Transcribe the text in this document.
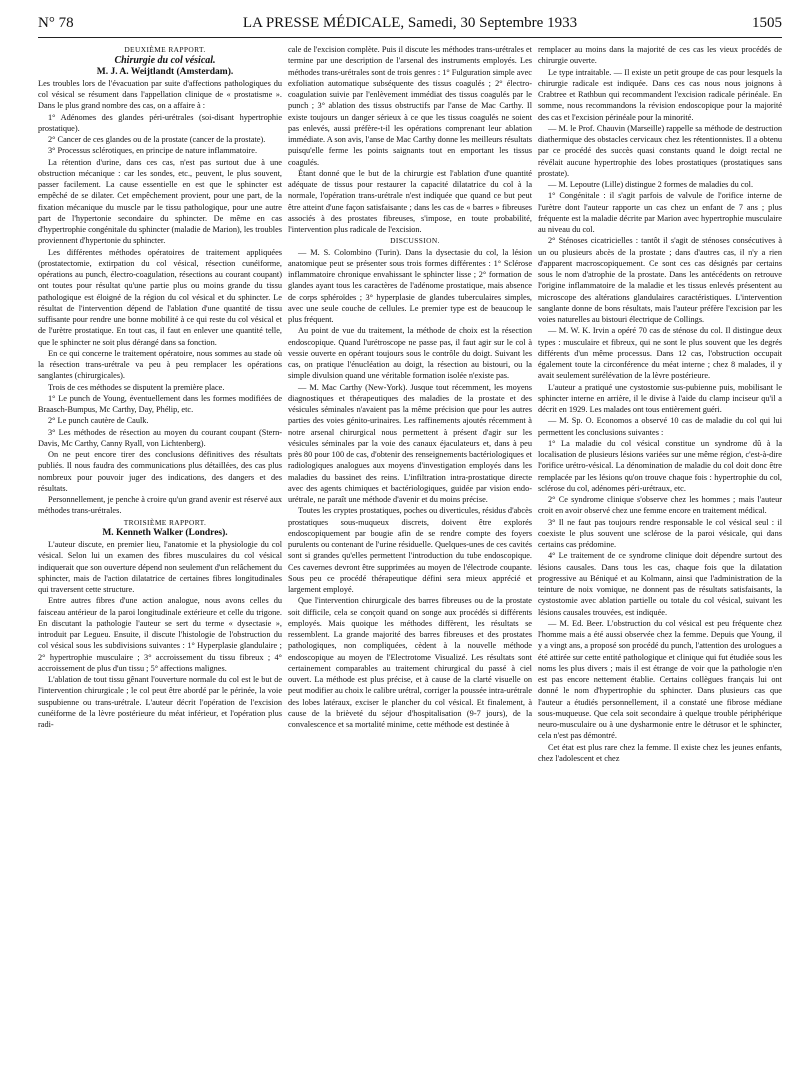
N° 78	LA PRESSE MÉDICALE, Samedi, 30 Septembre 1933	1505

DEUXIÈME RAPPORT.

Chirurgie du col vésical.

M. J. A. Weijtlandt (Amsterdam).

Les troubles lors de l'évacuation par suite d'affections pathologiques du col vésical se résument dans l'appellation clinique de « prostatisme ». Dans le plus grand nombre des cas, on a affaire à :

1° Adénomes des glandes péri-urétrales (soi-disant hypertrophie prostatique).

2° Cancer de ces glandes ou de la prostate (cancer de la prostate).

3° Processus sclérotiques, en principe de nature inflammatoire.

La rétention d'urine, dans ces cas, n'est pas surtout due à une obstruction mécanique : car les sondes, etc., peuvent, le plus souvent, passer facilement. La cause essentielle en est que le sphincter est empêché de se dilater. Cet empêchement provient, pour une part, de la fixation mécanique du muscle par le tissu pathologique, pour une autre part de l'hypertonie secondaire du sphincter. De même en cas d'hypertrophie congénitale du sphincter (maladie de Marion), les troubles proviennent d'hypertonie du sphincter.

Les différentes méthodes opératoires de traitement appliquées (prostatectomie, extirpation du col vésical, résection cunéiforme, opérations au punch, électro-coagulation, résections au courant coupant) ont toutes pour résultat qu'une partie plus ou moins grande du tissu pathologique est éloigné de la région du col vésical et du sphincter. Le résultat de l'intervention dépend de l'ablation d'une quantité de tissu suffisante pour rendre une bonne mobilité à ce qui reste du col vésical et de l'urètre prostatique. En tout cas, il faut en enlever une quantité telle, que le sphincter ne soit plus dérangé dans sa fonction.

En ce qui concerne le traitement opératoire, nous sommes au stade où la résection trans-urétrale va peu à peu remplacer les opérations sanglantes (chirurgicales).

Trois de ces méthodes se disputent la première place.

1° Le punch de Young, éventuellement dans les formes modifiées de Braasch-Bumpus, Mc Carthy, Day, Phélip, etc.

2° Le punch cautère de Caulk.

3° Les méthodes de résection au moyen du courant coupant (Stern-Davis, Mc Carthy, Canny Ryall, von Lichtenberg).

On ne peut encore tirer des conclusions définitives des résultats publiés. Il nous faudra des communications plus détaillées, des cas plus nombreux pour pouvoir juger des indications, des dangers et des résultats.

Personnellement, je penche à croire qu'un grand avenir est réservé aux méthodes trans-urétrales.

TROISIÈME RAPPORT.

M. Kenneth Walker (Londres).

L'auteur discute, en premier lieu, l'anatomie et la physiologie du col vésical. Selon lui un examen des fibres musculaires du col vésical indiquerait que son ouverture dépend non seulement d'un relâchement du sphincter, mais de l'action dilatatrice de certaines fibres longitudinales qui traversent cette structure.

Entre autres fibres d'une action analogue, nous avons celles du faisceau antérieur de la paroi longitudinale extérieure et celle du trigone. En discutant la pathologie l'auteur se sert du terme « dysectasie », introduit par Legueu. Ensuite, il discute l'histologie de l'obstruction du col vésical sous les subdivisions suivantes : 1° Hyperplasie glandulaire ; 2° hypertrophie musculaire ; 3° accroissement du tissu fibreux ; 4° accroissement de plus d'un tissu ; 5° affections malignes.

L'ablation de tout tissu gênant l'ouverture normale du col est le but de l'intervention chirurgicale ; le col peut être abordé par le périnée, la voie suspubienne ou trans-urétrale. L'auteur décrit l'opération de l'excision cunéiforme de la lèvre postérieure du méat inférieur, et l'opération plus radi-

cale de l'excision complète. Puis il discute les méthodes trans-urétrales et termine par une description de l'arsenal des instruments employés. Les méthodes trans-urétrales sont de trois genres : 1° Fulguration simple avec exfoliation automatique subséquente des tissus coagulés ; 2° électro-coagulation suivie par l'enlèvement immédiat des tissus coagulés par le punch ; 3° ablation des tissus obstructifs par l'anse de Mac Carthy. Il existe toujours un danger sérieux à ce que les tissus coagulés ne soient pas enlevés, aussi préfère-t-il les opérations comprenant leur ablation immédiate. A son avis, l'anse de Mac Carthy donne les meilleurs résultats puisqu'elle ferme les points saignants tout en emportant les tissus coagulés.

Étant donné que le but de la chirurgie est l'ablation d'une quantité adéquate de tissus pour restaurer la capacité dilatatrice du col à la normale, l'opération trans-urétrale n'est indiquée que quand ce but peut être atteint d'une façon satisfaisante ; dans les cas de « barres » fibreuses associés à des prostates fibreuses, s'impose, en toute probabilité, l'intervention plus radicale de l'excision.

DISCUSSION.

— M. S. Colombino (Turin). Dans la dysectasie du col, la lésion anatomique peut se présenter sous trois formes différentes : 1° Sclérose inflammatoire chronique envahissant le sphincter lisse ; 2° formation de glandes ayant tous les caractères de l'adénome prostatique, mais absence de corps sphéroïdes ; 3° hyperplasie de glandes tuberculaires simples, avec une seule couche de cellules. Le premier type est de beaucoup le plus fréquent.

Au point de vue du traitement, la méthode de choix est la résection endoscopique. Quand l'urétroscope ne passe pas, il faut agir sur le col à vessie ouverte en opérant toujours sous le contrôle du doigt. Suivant les cas, on pratique l'énucléation au doigt, la résection au bistouri, ou la simple divulsion quand une véritable formation isolée n'existe pas.

— M. Mac Carthy (New-York). Jusque tout récemment, les moyens diagnostiques et thérapeutiques des maladies de la prostate et des vésicules séminales n'avaient pas la même précision que pour les autres parties des voies génito-urinaires. Les raffinements ajoutés récemment à notre arsenal chirurgical nous permettent à présent d'agir sur les vésicules séminales par la voie des canaux éjaculateurs et, dans à peu près 80 pour 100 de cas, d'obtenir des renseignements bactériologiques et radiologiques analogues aux moyens d'investigation employés dans les maladies du bassinet des reins. L'infiltration intra-prostatique directe avec des agents chimiques et bactériologiques, guidée par vision endo-urétrale, ne paraît une méthode d'avenir et du moins précise.

Toutes les cryptes prostatiques, poches ou diverticules, résidus d'abcès prostatiques sous-muqueux discrets, doivent être explorés endoscopiquement par bougie afin de se rendre compte des foyers purulents ou contenant de l'urine résiduelle. Quelques-unes de ces cavités sont si grandes qu'elles permettent l'introduction du tube endoscopique. Ces cavernes devront être supprimées au moyen de l'électrode coupante. Sous peu ce procédé thérapeutique défini sera mieux apprécié et largement employé.

Que l'intervention chirurgicale des barres fibreuses ou de la prostate soit difficile, cela se conçoit quand on songe aux procédés si différents employés. Mais quoique les méthodes diffèrent, les résultats se ressemblent. La grande majorité des barres fibreuses et des prostates pathologiques, non compliquées, cèdent à la nouvelle méthode endoscopique au moyen de l'Electrotome Visualizé. Les résultats sont certainement comparables au traitement chirurgical du passé à ciel ouvert. La méthode est plus précise, et à cause de la clarté visuelle on peut modifier au choix le calibre urétral, corriger la poussée intra-urétrale des lobes latéraux, exciser le plancher du col vésical. Et finalement, à cause de la brièveté du séjour d'hospitalisation (9-7 jours), de la convalescence et sa mortalité minime, cette méthode est destinée à

remplacer au moins dans la majorité de ces cas les vieux procédés de chirurgie ouverte.

Le type intraitable. — Il existe un petit groupe de cas pour lesquels la chirurgie radicale est indiquée. Dans ces cas nous nous joignons à Crabtree et Rathbun qui recommandent l'excision radicale périnéale. En somme, nous recommandons la révision endoscopique pour la majorité des cas et l'excision périnéale pour la minorité.

— M. le Prof. Chauvin (Marseille) rappelle sa méthode de destruction diathermique des obstacles cervicaux chez les rétentionnistes. Il a obtenu par ce procédé des succès quasi constants quand le doigt rectal ne révélait aucune hypertrophie des lobes prostatiques (prostatiques sans prostate).

— M. Lepoutre (Lille) distingue 2 formes de maladies du col.

1° Congénitale : il s'agit parfois de valvule de l'orifice interne de l'urètre dont l'auteur rapporte un cas chez un enfant de 7 ans ; plus fréquente est la maladie décrite par Marion avec hypertrophie musculaire au niveau du col.

2° Sténoses cicatricielles : tantôt il s'agit de sténoses consécutives à un ou plusieurs abcès de la prostate ; dans d'autres cas, il n'y a rien d'apparent macroscopiquement. Ce sont ces cas désignés par certains sous le nom d'atrophie de la prostate. Dans les antécédents on retrouve l'origine inflammatoire de la maladie et les tissus enlevés présentent au microscope des altérations glandulaires caractéristiques. L'intervention sanglante donne de bons résultats, mais l'auteur préfère l'excision par les voies naturelles au bistouri électrique de Collings.

— M. W. K. Irvin a opéré 70 cas de sténose du col. Il distingue deux types : musculaire et fibreux, qui ne sont le plus souvent que les degrés différents d'un même processus. Dans 12 cas, l'obstruction occupait également toute la circonférence du méat interne ; chez 8 malades, il y avait seulement surélévation de la lèvre postérieure.

L'auteur a pratiqué une cystostomie sus-pubienne puis, mobilisant le sphincter interne en arrière, il le divise à l'aide du clamp inciseur qu'il a décrit en 1929. Les malades ont tous entièrement guéri.

— M. Sp. O. Economos a observé 10 cas de maladie du col qui lui permettent les conclusions suivantes :

1° La maladie du col vésical constitue un syndrome dû à la localisation de plusieurs lésions variées sur une même région, c'est-à-dire l'orifice urétro-vésical. La dénomination de maladie du col doit donc être remplacée par les lésions qu'on trouve chaque fois : hypertrophie du col, sclérose du col, adénomes péri-urétraux, etc.

2° Ce syndrome clinique s'observe chez les hommes ; mais l'auteur croit en avoir observé chez une femme encore en traitement médical.

3° Il ne faut pas toujours rendre responsable le col vésical seul : il coexiste le plus souvent une sclérose de la paroi vésicale, qui dans certains cas prédomine.

4° Le traitement de ce syndrome clinique doit dépendre surtout des lésions causales. Dans tous les cas, chaque fois que la dilatation progressive au Béniqué et au Kolmann, ainsi que l'administration de la teinture de noix vomique, ne donnent pas de résultats satisfaisants, la cystostomie avec ablation partielle ou totale du col vésical, suivant les lésions causales trouvées, est indiquée.

— M. Ed. Beer. L'obstruction du col vésical est peu fréquente chez l'homme mais a été aussi observée chez la femme. Depuis que Young, il y a vingt ans, a proposé son procédé du punch, l'attention des urologues a été attirée sur cette entité pathologique et clinique qui fut étudiée sous les noms les plus divers ; mais il est étrange de voir que la pathologie n'en est pas encore nettement établie. Certains collègues français lui ont donné le nom d'hypertrophie du sphincter. Dans plusieurs cas que l'auteur a étudiés personnellement, il a constaté une fibrose médiane sous-muqueuse. Que cela soit secondaire à quelque trouble périphérique neuro-musculaire ou à une dysharmonie entre le détrusor et le sphincter, cela n'est pas démontré.

Cet état est plus rare chez la femme. Il existe chez les jeunes enfants, chez l'adolescent et chez
